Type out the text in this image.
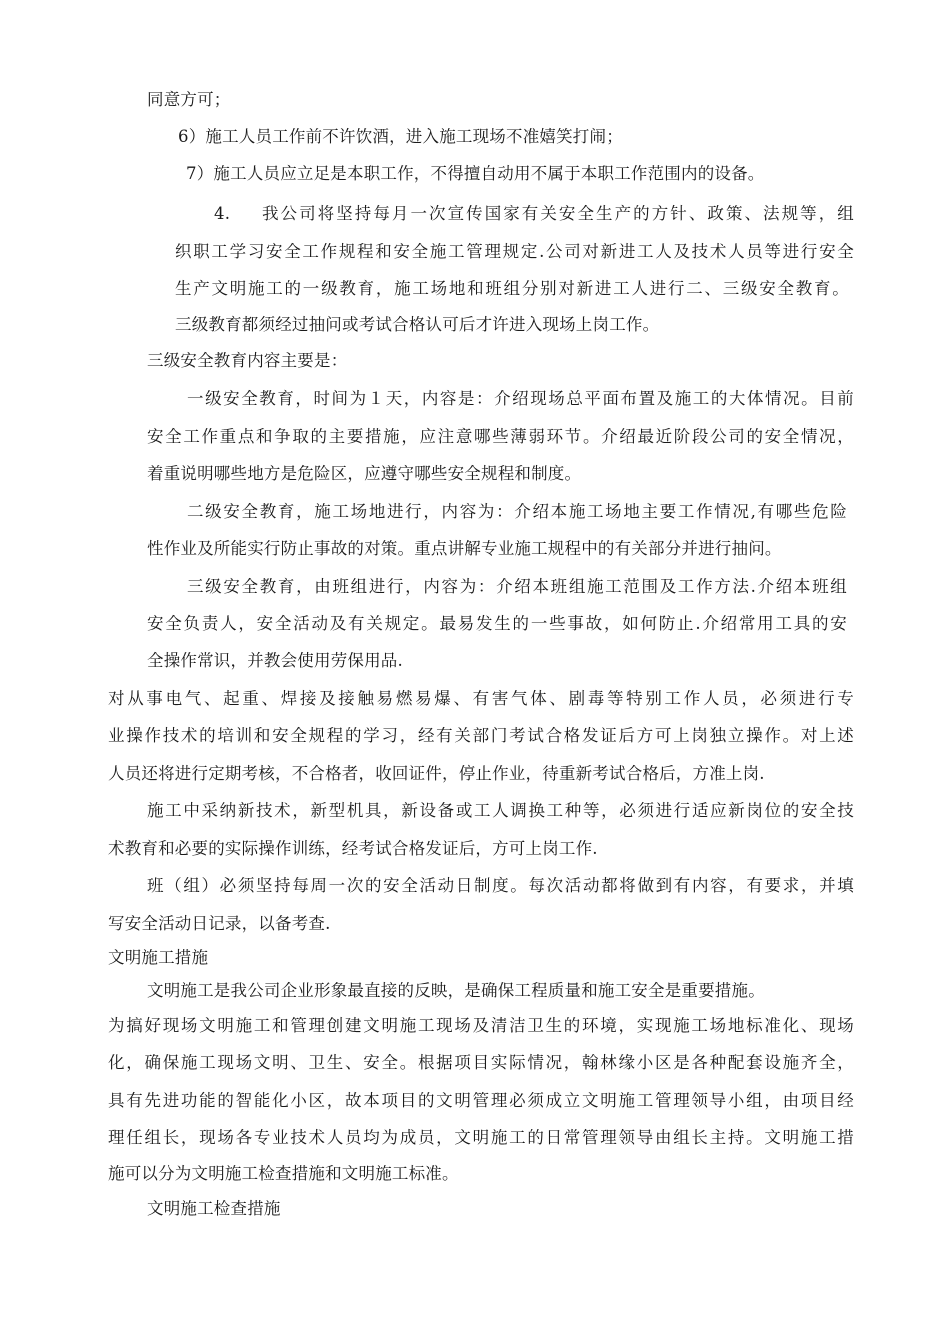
同意方可；
6）施工人员工作前不许饮酒，进入施工现场不准嬉笑打闹；
7）施工人员应立足是本职工作，不得擅自动用不属于本职工作范围内的设备。
4. 我公司将坚持每月一次宣传国家有关安全生产的方针、政策、法规等，组
织职工学习安全工作规程和安全施工管理规定.公司对新进工人及技术人员等进行安全
生产文明施工的一级教育，施工场地和班组分别对新进工人进行二、三级安全教育。
三级教育都须经过抽问或考试合格认可后才许进入现场上岗工作。
三级安全教育内容主要是：
一级安全教育，时间为１天，内容是：介绍现场总平面布置及施工的大体情况。目前
安全工作重点和争取的主要措施，应注意哪些薄弱环节。介绍最近阶段公司的安全情况，
着重说明哪些地方是危险区，应遵守哪些安全规程和制度。
二级安全教育，施工场地进行，内容为：介绍本施工场地主要工作情况,有哪些危险
性作业及所能实行防止事故的对策。重点讲解专业施工规程中的有关部分并进行抽问。
三级安全教育，由班组进行，内容为：介绍本班组施工范围及工作方法.介绍本班组
安全负责人，安全活动及有关规定。最易发生的一些事故，如何防止.介绍常用工具的安
全操作常识，并教会使用劳保用品.
对从事电气、起重、焊接及接触易燃易爆、有害气体、剧毒等特别工作人员，必须进行专
业操作技术的培训和安全规程的学习，经有关部门考试合格发证后方可上岗独立操作。对上述
人员还将进行定期考核，不合格者，收回证件，停止作业，待重新考试合格后，方准上岗.
施工中采纳新技术，新型机具，新设备或工人调换工种等，必须进行适应新岗位的安全技
术教育和必要的实际操作训练，经考试合格发证后，方可上岗工作.
班（组）必须坚持每周一次的安全活动日制度。每次活动都将做到有内容，有要求，并填
写安全活动日记录，以备考查.
文明施工措施
文明施工是我公司企业形象最直接的反映，是确保工程质量和施工安全是重要措施。
为搞好现场文明施工和管理创建文明施工现场及清洁卫生的环境，实现施工场地标准化、现场
化，确保施工现场文明、卫生、安全。根据项目实际情况，翰林缘小区是各种配套设施齐全，
具有先进功能的智能化小区，故本项目的文明管理必须成立文明施工管理领导小组，由项目经
理任组长，现场各专业技术人员均为成员，文明施工的日常管理领导由组长主持。文明施工措
施可以分为文明施工检查措施和文明施工标准。
文明施工检查措施
